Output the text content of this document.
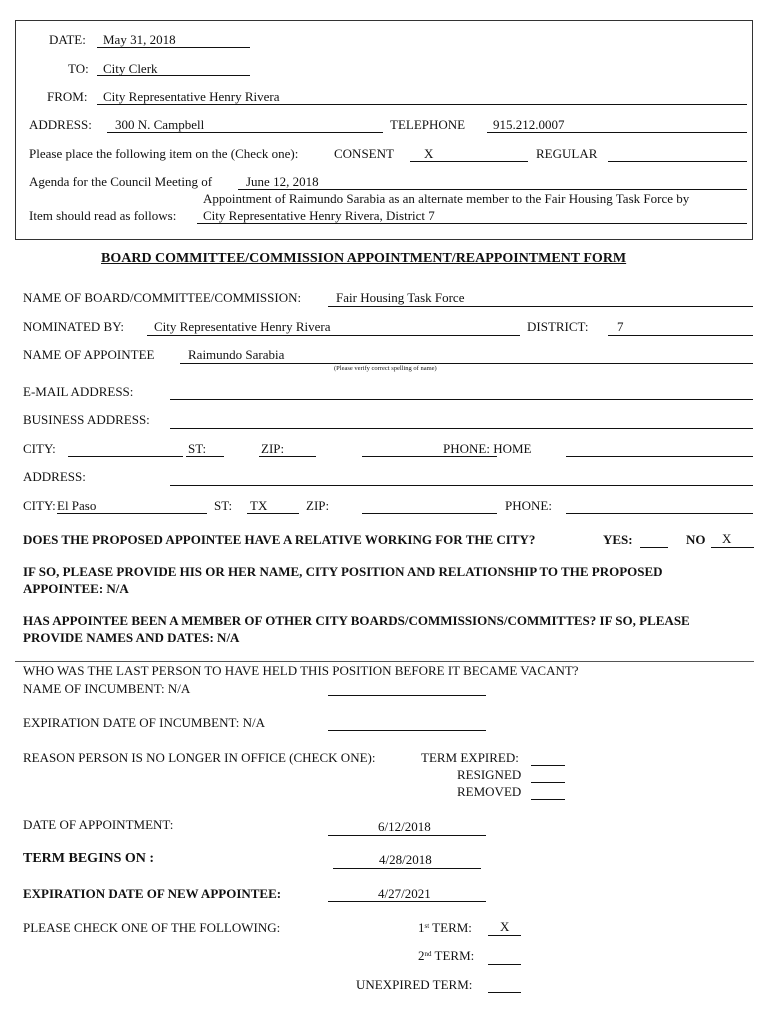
DATE: May 31, 2018
TO: City Clerk
FROM: City Representative Henry Rivera
ADDRESS: 300 N. Campbell	TELEPHONE 915.212.0007
Please place the following item on the (Check one):	CONSENT X	REGULAR
Agenda for the Council Meeting of	June 12, 2018
Appointment of Raimundo Sarabia as an alternate member to the Fair Housing Task Force by
Item should read as follows: City Representative Henry Rivera, District 7
BOARD COMMITTEE/COMMISSION APPOINTMENT/REAPPOINTMENT FORM
NAME OF BOARD/COMMITTEE/COMMISSION:	Fair Housing Task Force
NOMINATED BY: City Representative Henry Rivera	DISTRICT: 7
NAME OF APPOINTEE	Raimundo Sarabia
(Please verify correct spelling of name)
E-MAIL ADDRESS:
BUSINESS ADDRESS:
CITY:	ST:	ZIP:	PHONE: HOME
ADDRESS:
CITY: El Paso	ST: TX	ZIP:	PHONE:
DOES THE PROPOSED APPOINTEE HAVE A RELATIVE WORKING FOR THE CITY?	YES:	NO X
IF SO, PLEASE PROVIDE HIS OR HER NAME, CITY POSITION AND RELATIONSHIP TO THE PROPOSED
APPOINTEE: N/A
HAS APPOINTEE BEEN A MEMBER OF OTHER CITY BOARDS/COMMISSIONS/COMMITTES? IF SO, PLEASE
PROVIDE NAMES AND DATES: N/A
WHO WAS THE LAST PERSON TO HAVE HELD THIS POSITION BEFORE IT BECAME VACANT?
NAME OF INCUMBENT: N/A
EXPIRATION DATE OF INCUMBENT: N/A
REASON PERSON IS NO LONGER IN OFFICE (CHECK ONE):	TERM EXPIRED:
RESIGNED
REMOVED
DATE OF APPOINTMENT:	6/12/2018
TERM BEGINS ON :	4/28/2018
EXPIRATION DATE OF NEW APPOINTEE:	4/27/2021
PLEASE CHECK ONE OF THE FOLLOWING:	1st TERM: X
2nd TERM:
UNEXPIRED TERM:
